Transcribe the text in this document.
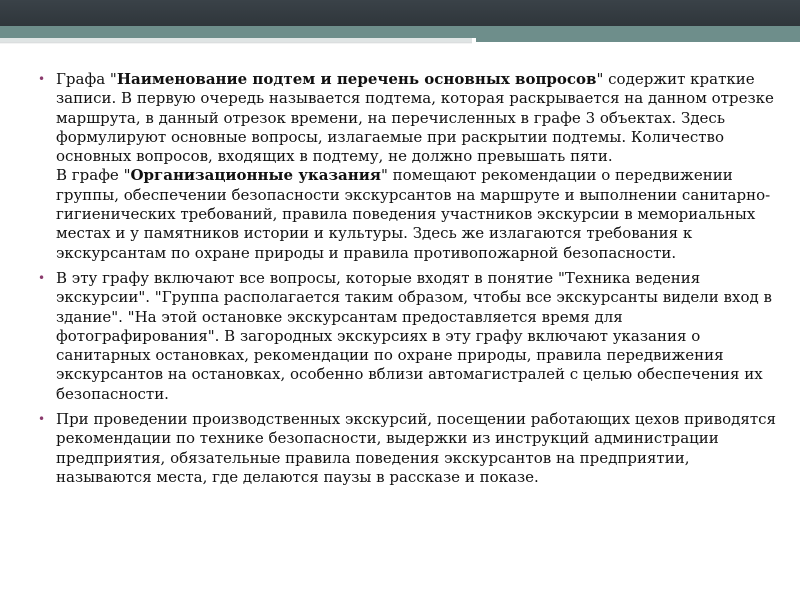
• Графа "Наименование подтем и перечень основных вопросов" содержит краткие записи. В первую очередь называется подтема, которая раскрывается на данном отрезке маршрута, в данный отрезок времени, на перечисленных в графе 3 объектах. Здесь формулируют основные вопросы, излагаемые при раскрытии подтемы. Количество основных вопросов, входящих в подтему, не должно превышать пяти.

В графе "Организационные указания" помещают рекомендации о передвижении группы, обеспечении безопасности экскурсантов на маршруте и выполнении санитарно-гигиенических требований, правила поведения участников экскурсии в мемориальных местах и у памятников истории и культуры. Здесь же излагаются требования к экскурсантам по охране природы и правила противопожарной безопасности.

• В эту графу включают все вопросы, которые входят в понятие "Техника ведения экскурсии". "Группа располагается таким образом, чтобы все экскурсанты видели вход в здание". "На этой остановке экскурсантам предоставляется время для фотографирования". В загородных экскурсиях в эту графу включают указания о санитарных остановках, рекомендации по охране природы, правила передвижения экскурсантов на остановках, особенно вблизи автомагистралей с целью обеспечения их безопасности.

• При проведении производственных экскурсий, посещении работающих цехов приводятся рекомендации по технике безопасности, выдержки из инструкций администрации предприятия, обязательные правила поведения экскурсантов на предприятии, называются места, где делаются паузы в рассказе и показе.
